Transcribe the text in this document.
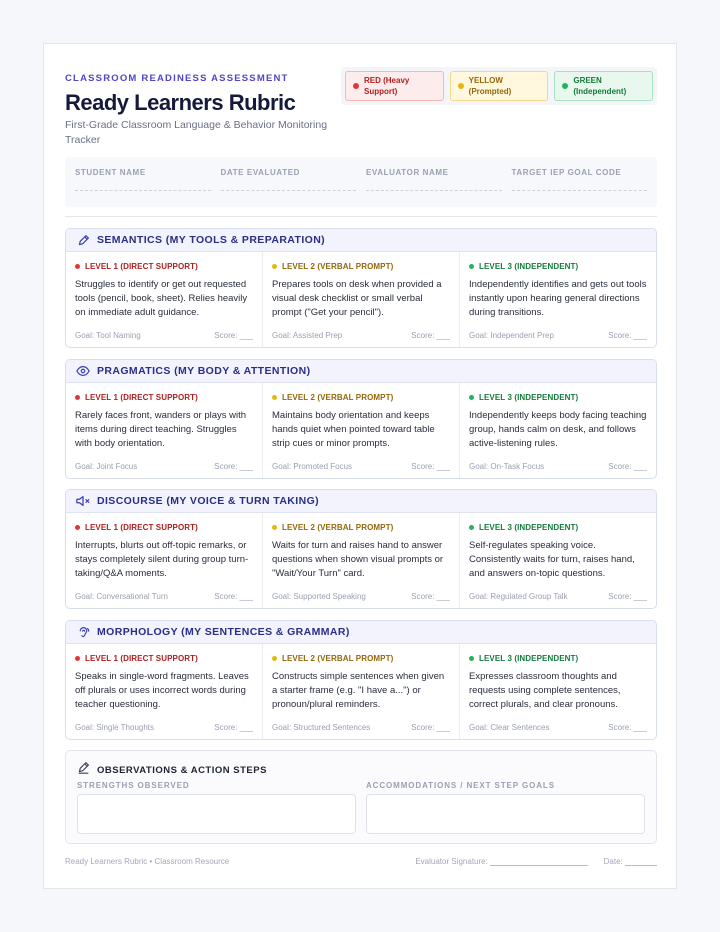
CLASSROOM READINESS ASSESSMENT
Ready Learners Rubric
First-Grade Classroom Language & Behavior Monitoring Tracker
RED (Heavy Support)
YELLOW (Prompted)
GREEN (Independent)
STUDENT NAME	DATE EVALUATED	EVALUATOR NAME	TARGET IEP GOAL CODE
SEMANTICS (MY TOOLS & PREPARATION)
LEVEL 1 (DIRECT SUPPORT)
Struggles to identify or get out requested tools (pencil, book, sheet). Relies heavily on immediate adult guidance.
Goal: Tool Naming	Score: ___
LEVEL 2 (VERBAL PROMPT)
Prepares tools on desk when provided a visual desk checklist or small verbal prompt ("Get your pencil").
Goal: Assisted Prep	Score: ___
LEVEL 3 (INDEPENDENT)
Independently identifies and gets out tools instantly upon hearing general directions during transitions.
Goal: Independent Prep	Score: ___
PRAGMATICS (MY BODY & ATTENTION)
LEVEL 1 (DIRECT SUPPORT)
Rarely faces front, wanders or plays with items during direct teaching. Struggles with body orientation.
Goal: Joint Focus	Score: ___
LEVEL 2 (VERBAL PROMPT)
Maintains body orientation and keeps hands quiet when pointed toward table strip cues or minor prompts.
Goal: Promoted Focus	Score: ___
LEVEL 3 (INDEPENDENT)
Independently keeps body facing teaching group, hands calm on desk, and follows active-listening rules.
Goal: On-Task Focus	Score: ___
DISCOURSE (MY VOICE & TURN TAKING)
LEVEL 1 (DIRECT SUPPORT)
Interrupts, blurts out off-topic remarks, or stays completely silent during group turn-taking/Q&A moments.
Goal: Conversational Turn	Score: ___
LEVEL 2 (VERBAL PROMPT)
Waits for turn and raises hand to answer questions when shown visual prompts or "Wait/Your Turn" card.
Goal: Supported Speaking	Score: ___
LEVEL 3 (INDEPENDENT)
Self-regulates speaking voice. Consistently waits for turn, raises hand, and answers on-topic questions.
Goal: Regulated Group Talk	Score: ___
MORPHOLOGY (MY SENTENCES & GRAMMAR)
LEVEL 1 (DIRECT SUPPORT)
Speaks in single-word fragments. Leaves off plurals or uses incorrect words during teacher questioning.
Goal: Single Thoughts	Score: ___
LEVEL 2 (VERBAL PROMPT)
Constructs simple sentences when given a starter frame (e.g. "I have a...") or pronoun/plural reminders.
Goal: Structured Sentences	Score: ___
LEVEL 3 (INDEPENDENT)
Expresses classroom thoughts and requests using complete sentences, correct plurals, and clear pronouns.
Goal: Clear Sentences	Score: ___
OBSERVATIONS & ACTION STEPS
STRENGTHS OBSERVED	ACCOMMODATIONS / NEXT STEP GOALS
Ready Learners Rubric • Classroom Resource	Evaluator Signature:	Date:
